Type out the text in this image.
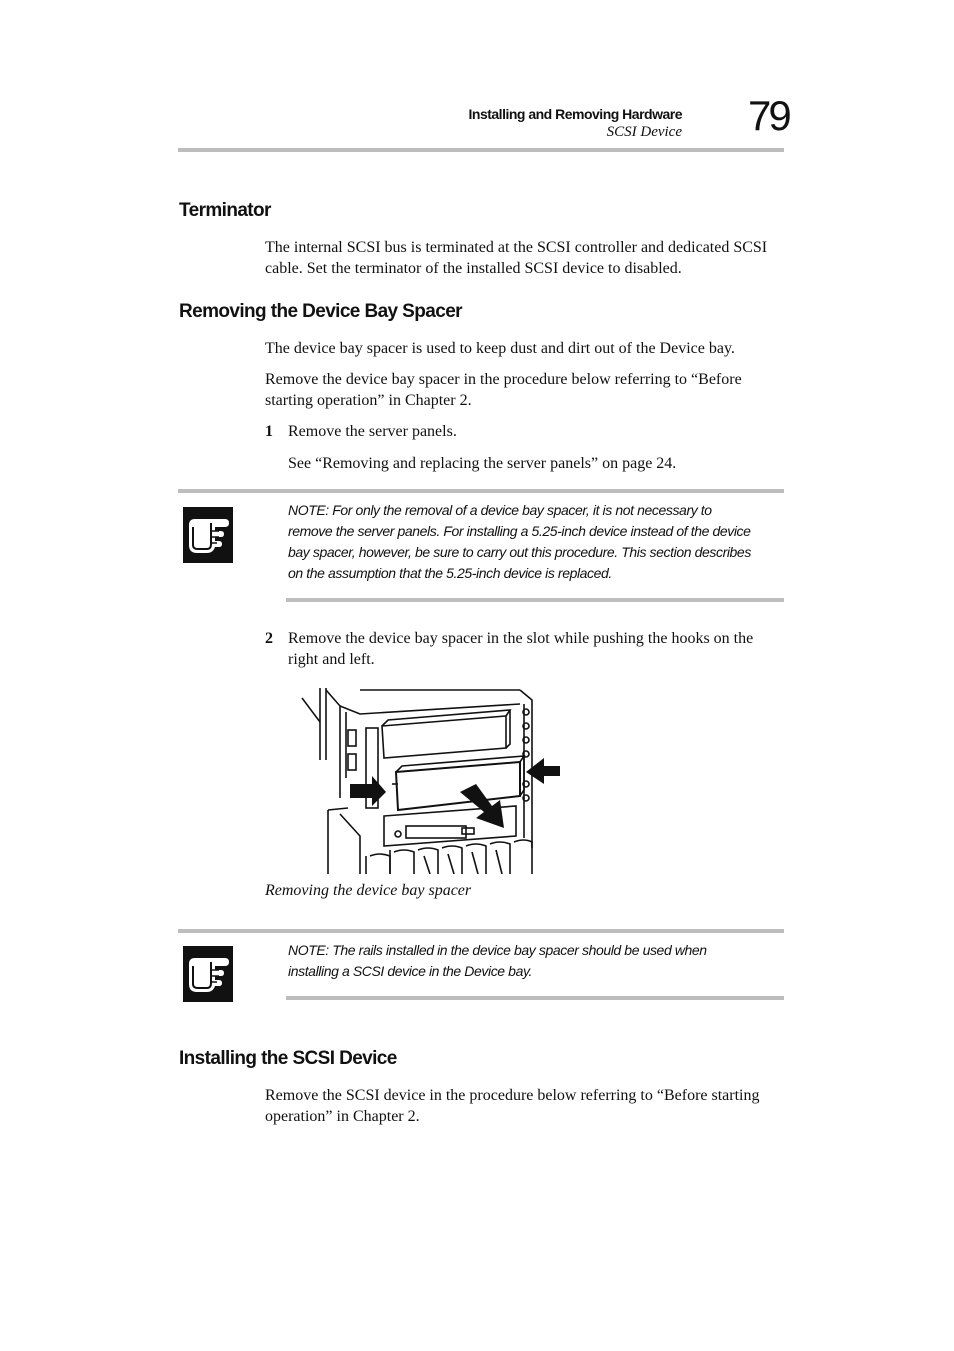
Installing and Removing Hardware
SCSI Device 79
Terminator
The internal SCSI bus is terminated at the SCSI controller and dedicated SCSI cable. Set the terminator of the installed SCSI device to disabled.
Removing the Device Bay Spacer
The device bay spacer is used to keep dust and dirt out of the Device bay.
Remove the device bay spacer in the procedure below referring to “Before starting operation” in Chapter 2.
1 Remove the server panels.
See “Removing and replacing the server panels” on page 24.
NOTE: For only the removal of a device bay spacer, it is not necessary to remove the server panels. For installing a 5.25-inch device instead of the device bay spacer, however, be sure to carry out this procedure. This section describes on the assumption that the 5.25-inch device is replaced.
2 Remove the device bay spacer in the slot while pushing the hooks on the right and left.
Removing the device bay spacer
NOTE: The rails installed in the device bay spacer should be used when installing a SCSI device in the Device bay.
Installing the SCSI Device
Remove the SCSI device in the procedure below referring to “Before starting operation” in Chapter 2.
